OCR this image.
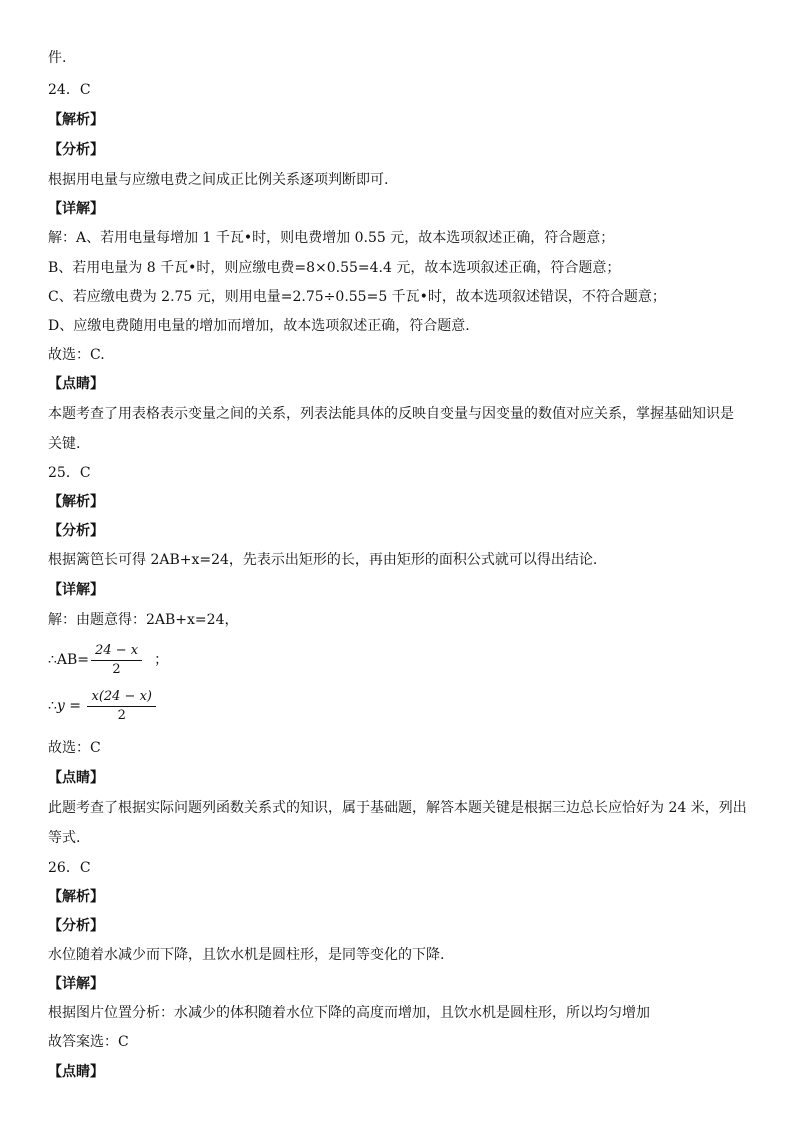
件.
24．C
【解析】
【分析】
根据用电量与应缴电费之间成正比例关系逐项判断即可.
【详解】
解：A、若用电量每增加 1 千瓦•时，则电费增加 0.55 元，故本选项叙述正确，符合题意；
B、若用电量为 8 千瓦•时，则应缴电费=8×0.55=4.4 元，故本选项叙述正确，符合题意；
C、若应缴电费为 2.75 元，则用电量=2.75÷0.55=5 千瓦•时，故本选项叙述错误，不符合题意；
D、应缴电费随用电量的增加而增加，故本选项叙述正确，符合题意.
故选：C.
【点睛】
本题考查了用表格表示变量之间的关系，列表法能具体的反映自变量与因变量的数值对应关系，掌握基础知识是
关键.
25．C
【解析】
【分析】
根据篱笆长可得 2AB+x=24，先表示出矩形的长，再由矩形的面积公式就可以得出结论.
【详解】
解：由题意得：2AB+x=24，
∴AB= $\frac{24 - x}{2}$ ；
∴y = $\frac{x(24 - x)}{2}$
故选：C
【点睛】
此题考查了根据实际问题列函数关系式的知识，属于基础题，解答本题关键是根据三边总长应恰好为 24 米，列出
等式.
26．C
【解析】
【分析】
水位随着水减少而下降，且饮水机是圆柱形，是同等变化的下降.
【详解】
根据图片位置分析：水减少的体积随着水位下降的高度而增加，且饮水机是圆柱形，所以均匀增加
故答案选：C
【点睛】
